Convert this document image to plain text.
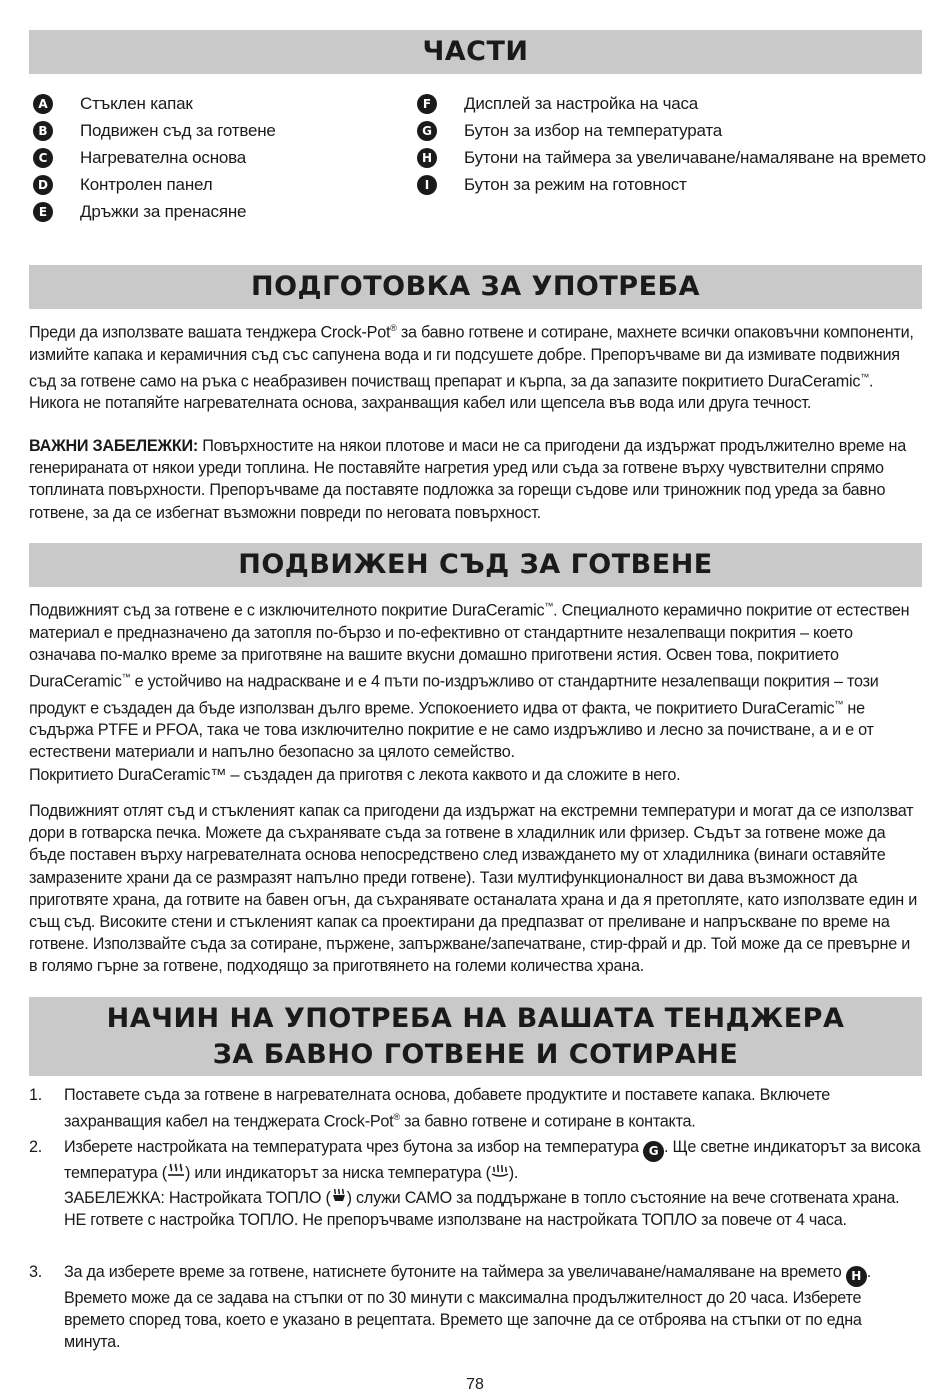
ЧАСТИ
A	Стъклен капак
B	Подвижен съд за готвене
C	Нагревателна основа
D Контролен панел
E	Дръжки за пренасяне
F	Дисплей за настройка на часа
G Бутон за избор на температурата
H Бутони на таймера за увеличаване/намаляване на времето
I	Бутон за режим на готовност
ПОДГОТОВКА ЗА УПОТРЕБА

Преди да използвате вашата тенджера Crock-Pot® за бавно готвене и сотиране, махнете всички опаковъчни компоненти, измийте капака и керамичния съд със сапунена вода и ги подсушете добре. Препоръчваме ви да измивате подвижния съд за готвене само на ръка с неабразивен почистващ препарат и кърпа, за да запазите покритието DuraCeramic™. Никога не потапяйте нагревателната основа, захранващия кабел или щепсела във вода или друга течност.

ВАЖНИ ЗАБЕЛЕЖКИ: Повърхностите на някои плотове и маси не са пригодени да издържат продължително време на генерираната от някои уреди топлина. Не поставяйте нагретия уред или съда за готвене върху чувствителни спрямо топлината повърхности. Препоръчваме да поставяте подложка за горещи съдове или триножник под уреда за бавно готвене, за да се избегнат възможни повреди по неговата повърхност.

ПОДВИЖЕН СЪД ЗА ГОТВЕНЕ

Подвижният съд за готвене е с изключителното покритие DuraCeramic™. Специалното керамично покритие от естествен материал е предназначено да затопля по-бързо и по-ефективно от стандартните незалепващи покрития – което означава по-малко време за приготвяне на вашите вкусни домашно приготвени ястия. Освен това, покритието DuraCeramic™ е устойчиво на надраскване и е 4 пъти по-издръжливо от стандартните незалепващи покрития – този продукт е създаден да бъде използван дълго време. Успокоението идва от факта, че покритието DuraCeramic™ не съдържа PTFE и PFOA, така че това изключително покритие е не само издръжливо и лесно за почистване, а и е от естествени материали и напълно безопасно за цялото семейство.

Покритието DuraCeramic™ – създаден да приготвя с лекота каквото и да сложите в него.

Подвижният отлят съд и стъкленият капак са пригодени да издържат на екстремни температури и могат да се използват дори в готварска печка. Можете да съхранявате съда за готвене в хладилник или фризер. Съдът за готвене може да бъде поставен върху нагревателната основа непосредствено след изваждането му от хладилника (винаги оставяйте замразените храни да се размразят напълно преди готвене). Тази мултифункционалност ви дава възможност да приготвяте храна, да готвите на бавен огън, да съхранявате останалата храна и да я претопляте, като използвате един и същ съд. Високите стени и стъкленият капак са проектирани да предпазват от преливане и напръскване по време на готвене. Използвайте съда за сотиране, пържене, запържване/запечатване, стир-фрай и др. Той може да се превърне и в голямо гърне за готвене, подходящо за приготвянето на големи количества храна.

НАЧИН НА УПОТРЕБА НА ВАШАТА ТЕНДЖЕРА
ЗА БАВНО ГОТВЕНЕ И СОТИРАНЕ
1.	Поставете съда за готвене в нагревателната основа, добавете продуктите и поставете капака. Включете захранващия кабел на тенджерата Crock-Pot® за бавно готвене и сотиране в контакта.
2.	Изберете настройката на температурата чрез бутона за избор на температура G . Ще светне индикаторът за висока температура ( ) или индикаторът за ниска температура ( ).
ЗАБЕЛЕЖКА: Настройката ТОПЛО ( ) служи САМО за поддържане в топло състояние на вече сготвената храна. НЕ гответе с настройка ТОПЛО. Не препоръчваме използване на настройката ТОПЛО за повече от 4 часа.
3.	За да изберете време за готвене, натиснете бутоните на таймера за увеличаване/намаляване на времето H . Времето може да се задава на стъпки от по 30 минути с максимална продължителност до 20 часа. Изберете времето според това, което е указано в рецептата. Времето ще започне да се отброява на стъпки от по една минута.
78
